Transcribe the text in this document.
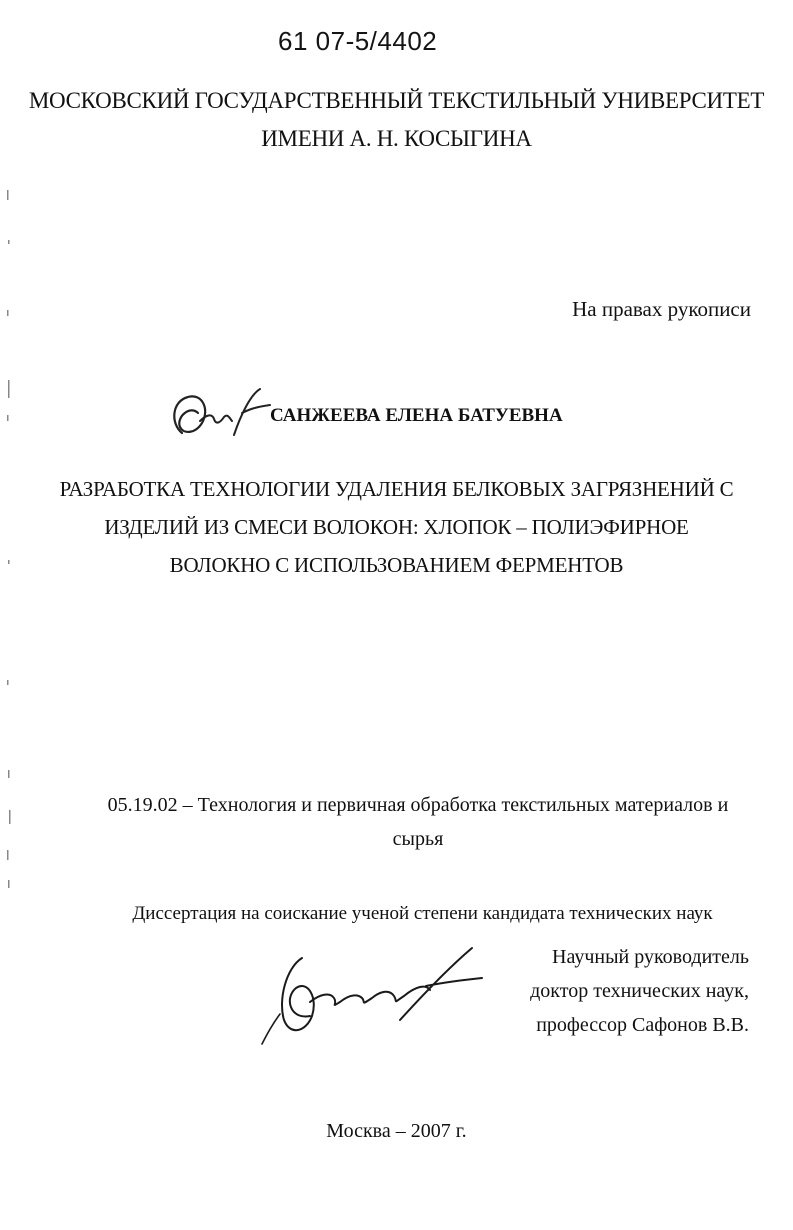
61 07-5/4402
МОСКОВСКИЙ ГОСУДАРСТВЕННЫЙ ТЕКСТИЛЬНЫЙ УНИВЕРСИТЕТ
ИМЕНИ А. Н. КОСЫГИНА
На правах рукописи
САНЖЕЕВА ЕЛЕНА БАТУЕВНА
РАЗРАБОТКА ТЕХНОЛОГИИ УДАЛЕНИЯ БЕЛКОВЫХ ЗАГРЯЗНЕНИЙ С
ИЗДЕЛИЙ ИЗ СМЕСИ ВОЛОКОН: ХЛОПОК – ПОЛИЭФИРНОЕ
ВОЛОКНО С ИСПОЛЬЗОВАНИЕМ ФЕРМЕНТОВ
05.19.02 – Технология и первичная обработка текстильных материалов и
сырья
Диссертация на соискание ученой степени кандидата технических наук
Научный руководитель
доктор технических наук,
профессор Сафонов В.В.
Москва – 2007 г.
